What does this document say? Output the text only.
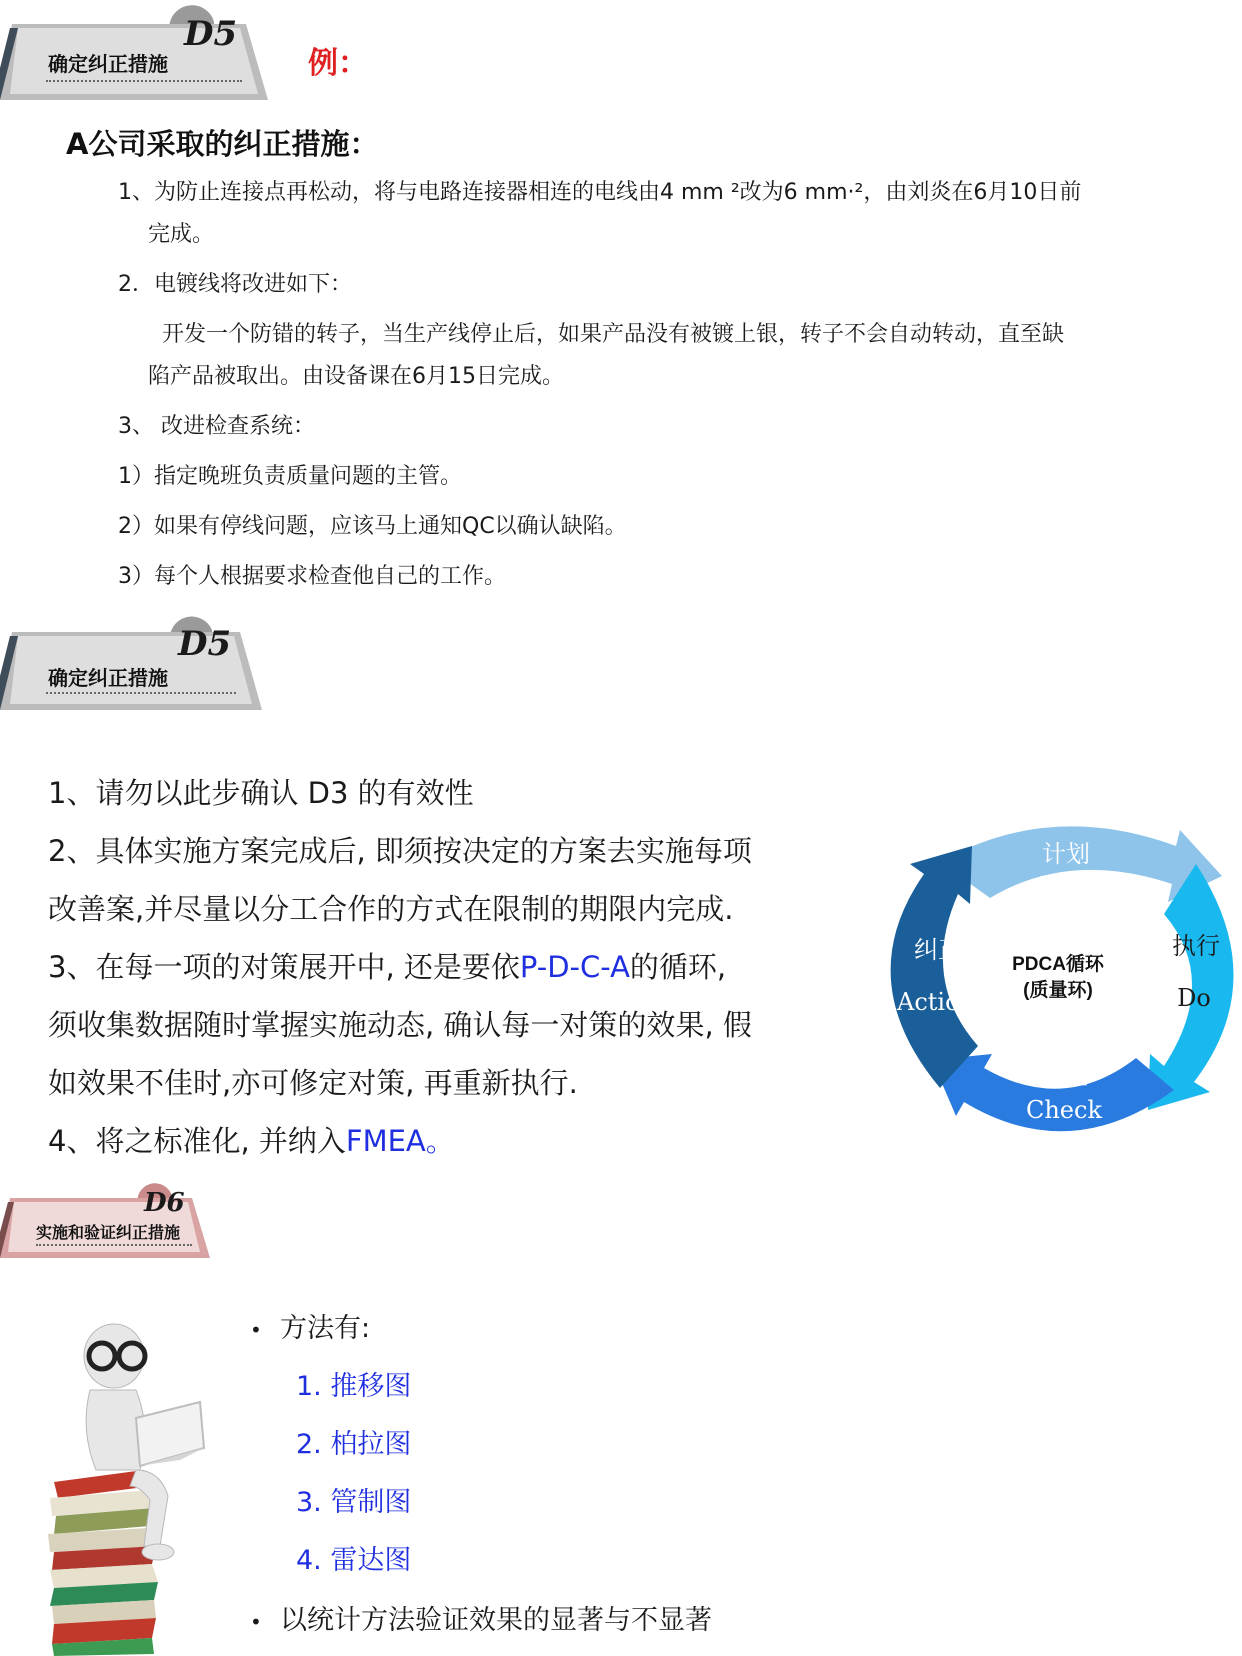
D5
确定纠正措施	例：
A公司采取的纠正措施：
1、为防止连接点再松动，将与电路连接器相连的电线由4 mm ²改为6 mm·²，由刘炎在6月10日前
完成。
2．电镀线将改进如下：
开发一个防错的转子，当生产线停止后，如果产品没有被镀上银，转子不会自动转动，直至缺
陷产品被取出。由设备课在6月15日完成。
3、 改进检查系统：
1）指定晚班负责质量问题的主管。
2）如果有停线问题，应该马上通知QC以确认缺陷。
3）每个人根据要求检查他自己的工作。
D5
确定纠正措施
1、请勿以此步确认 D3 的有效性
2、具体实施方案完成后, 即须按决定的方案去实施每项
改善案,并尽量以分工合作的方式在限制的期限内完成.
3、在每一项的对策展开中, 还是要依P-D-C-A的循环,
须收集数据随时掌握实施动态, 确认每一对策的效果, 假
如效果不佳时,亦可修定对策, 再重新执行.
4、将之标准化, 并纳入FMEA。
PDCA循环
(质量环)
计划
Plan
执行
Do
检查
Check
纠正
Action
D6
实施和验证纠正措施
• 方法有:
1. 推移图
2. 柏拉图
3. 管制图
4. 雷达图
• 以统计方法验证效果的显著与不显著
